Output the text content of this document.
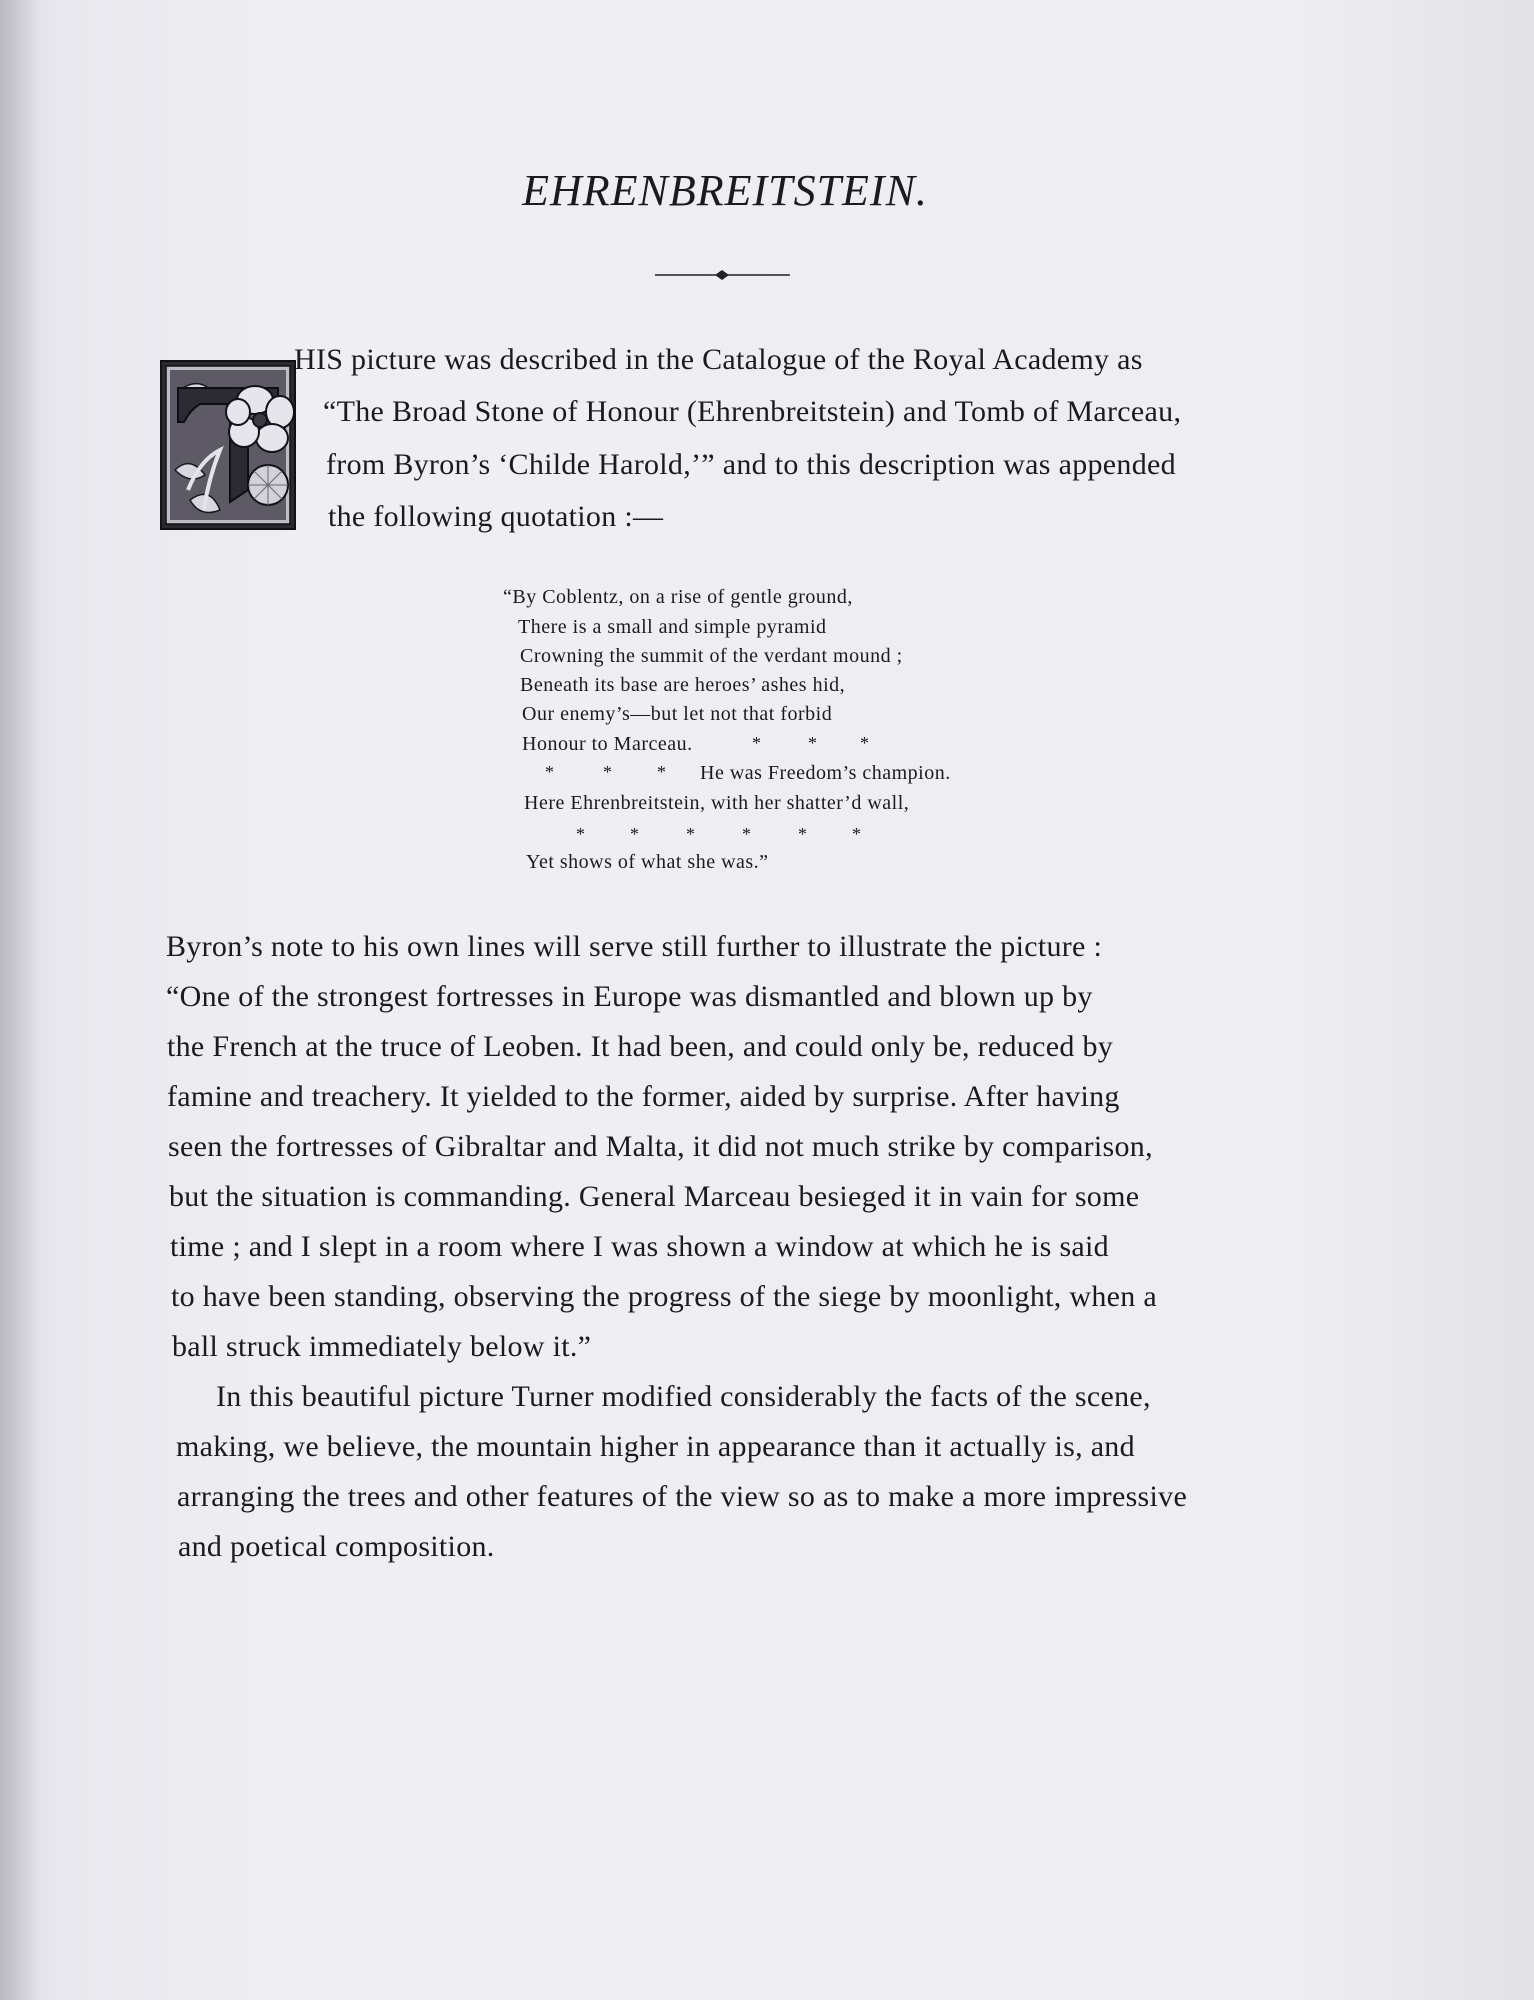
EHRENBREITSTEIN.
HIS picture was described in the Catalogue of the Royal Academy as
“The Broad Stone of Honour (Ehrenbreitstein) and Tomb of Marceau,
from Byron’s ‘Childe Harold,’” and to this description was appended
the following quotation :—
“By Coblentz, on a rise of gentle ground,
There is a small and simple pyramid
Crowning the summit of the verdant mound ;
Beneath its base are heroes’ ashes hid,
Our enemy’s—but let not that forbid
Honour to Marceau.	*	* *
*	*	* He was Freedom’s champion.
Here Ehrenbreitstein, with her shatter’d wall,
*	*	*	*	*	*
Yet shows of what she was.”
Byron’s note to his own lines will serve still further to illustrate the picture :
“One of the strongest fortresses in Europe was dismantled and blown up by
the French at the truce of Leoben. It had been, and could only be, reduced by
famine and treachery. It yielded to the former, aided by surprise. After having
seen the fortresses of Gibraltar and Malta, it did not much strike by comparison,
but the situation is commanding. General Marceau besieged it in vain for some
time ; and I slept in a room where I was shown a window at which he is said
to have been standing, observing the progress of the siege by moonlight, when a
ball struck immediately below it.”
In this beautiful picture Turner modified considerably the facts of the scene,
making, we believe, the mountain higher in appearance than it actually is, and
arranging the trees and other features of the view so as to make a more impressive
and poetical composition.
